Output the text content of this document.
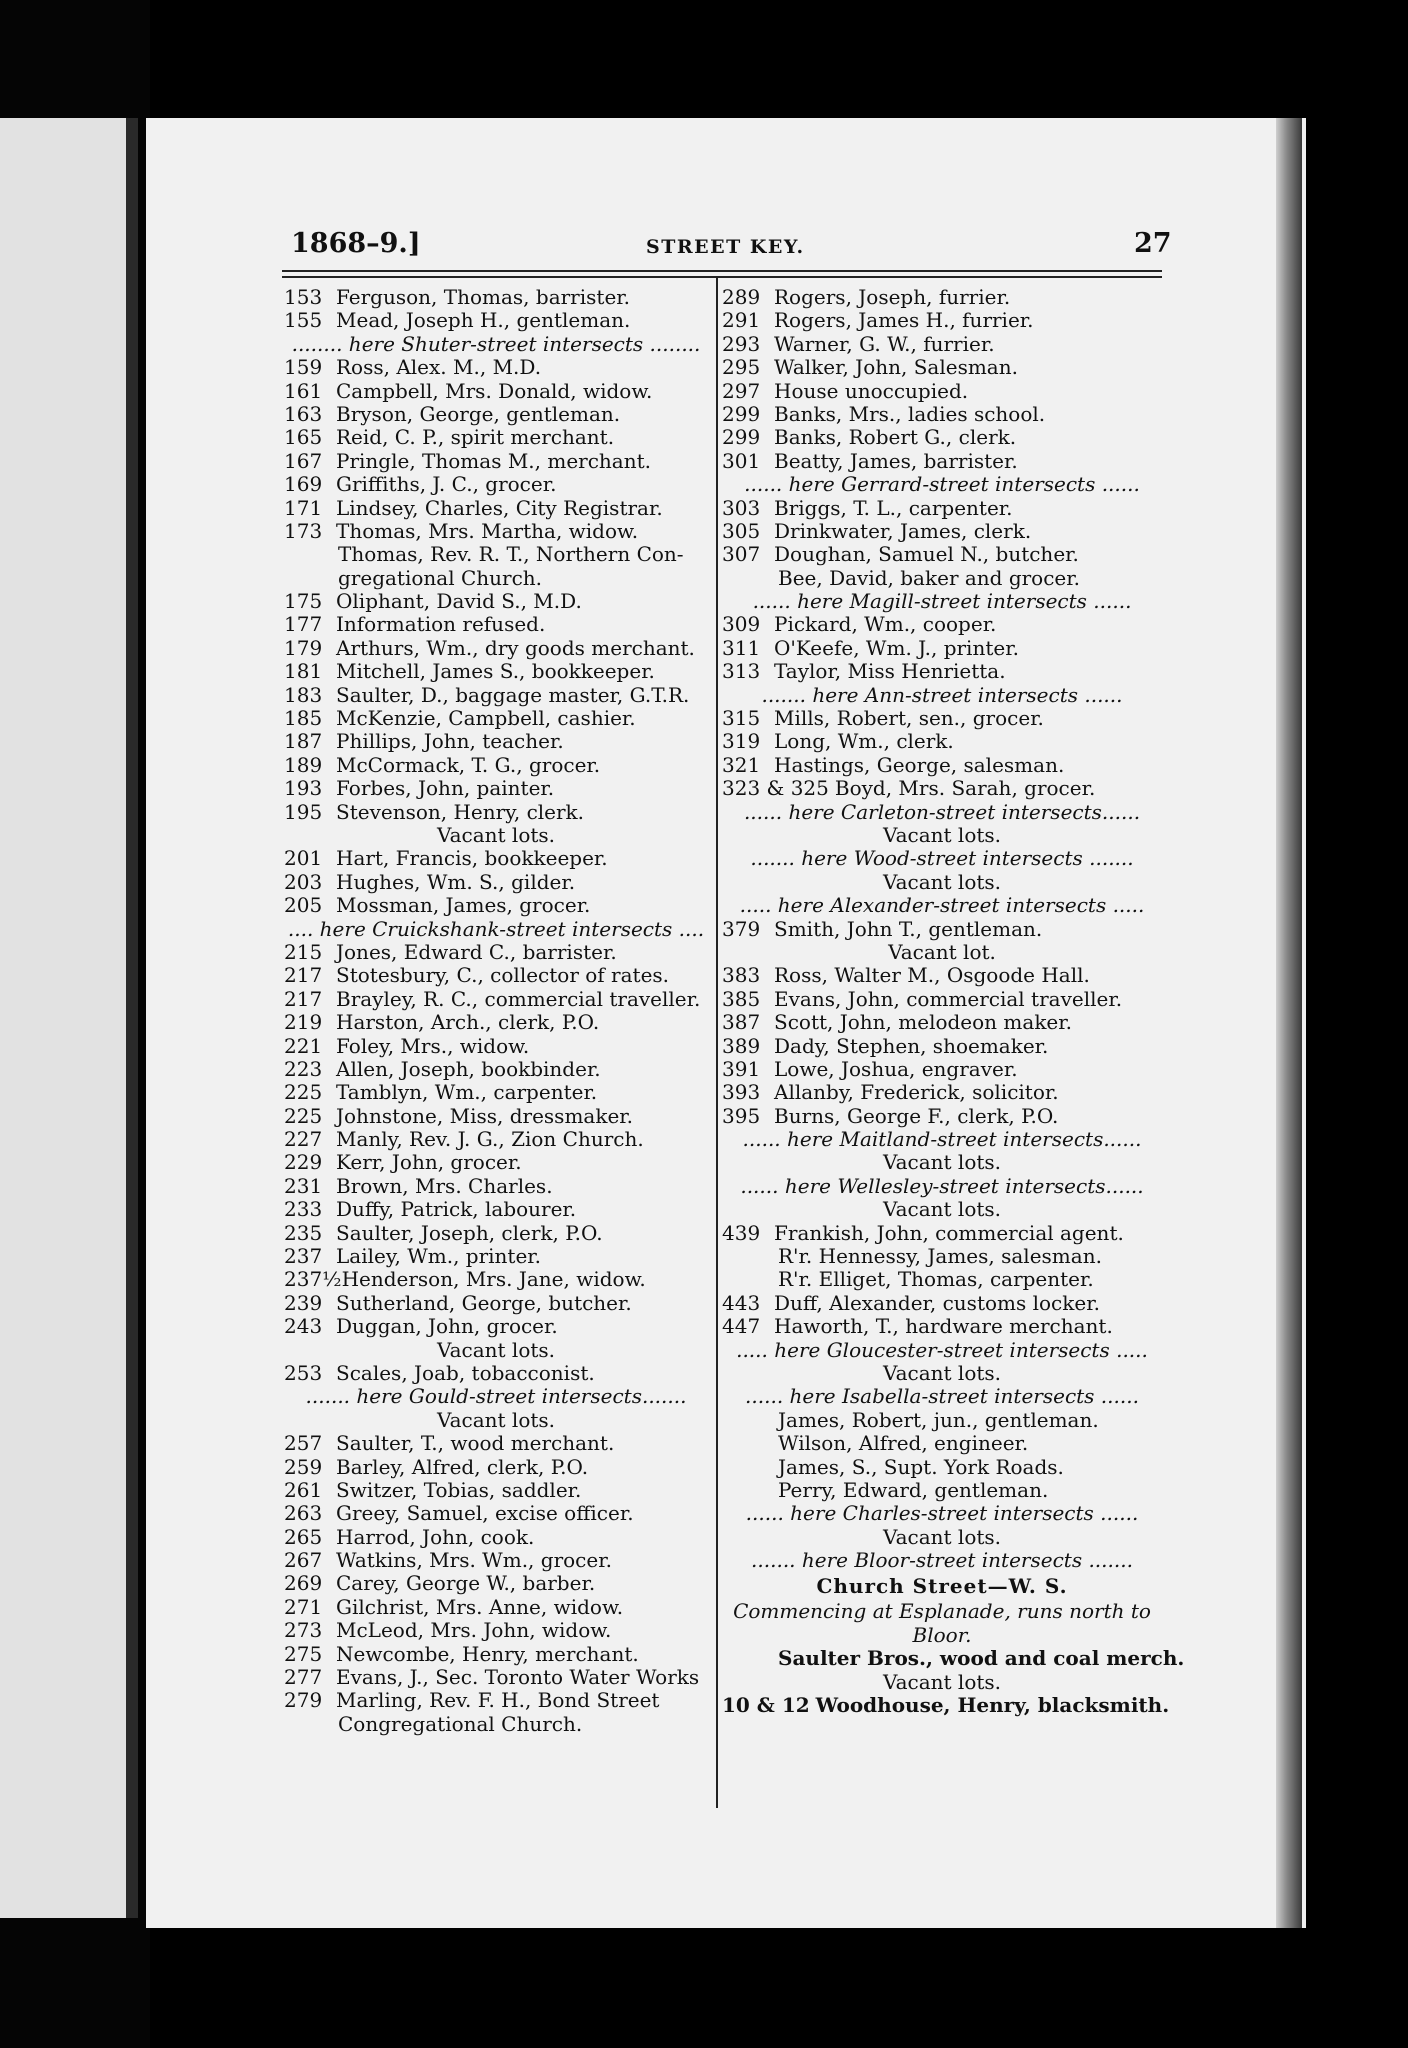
1868–9.]	STREET KEY.	27
153 Ferguson, Thomas, barrister.
155 Mead, Joseph H., gentleman.
........ here Shuter-street intersects ........
159 Ross, Alex. M., M.D.
161 Campbell, Mrs. Donald, widow.
163 Bryson, George, gentleman.
165 Reid, C. P., spirit merchant.
167 Pringle, Thomas M., merchant.
169 Griffiths, J. C., grocer.
171 Lindsey, Charles, City Registrar.
173 Thomas, Mrs. Martha, widow.
Thomas, Rev. R. T., Northern Con-
gregational Church.
175 Oliphant, David S., M.D.
177 Information refused.
179 Arthurs, Wm., dry goods merchant.
181 Mitchell, James S., bookkeeper.
183 Saulter, D., baggage master, G.T.R.
185 McKenzie, Campbell, cashier.
187 Phillips, John, teacher.
189 McCormack, T. G., grocer.
193 Forbes, John, painter.
195 Stevenson, Henry, clerk.
Vacant lots.
201 Hart, Francis, bookkeeper.
203 Hughes, Wm. S., gilder.
205 Mossman, James, grocer.
.... here Cruickshank-street intersects ....
215 Jones, Edward C., barrister.
217 Stotesbury, C., collector of rates.
217 Brayley, R. C., commercial traveller.
219 Harston, Arch., clerk, P.O.
221 Foley, Mrs., widow.
223 Allen, Joseph, bookbinder.
225 Tamblyn, Wm., carpenter.
225 Johnstone, Miss, dressmaker.
227 Manly, Rev. J. G., Zion Church.
229 Kerr, John, grocer.
231 Brown, Mrs. Charles.
233 Duffy, Patrick, labourer.
235 Saulter, Joseph, clerk, P.O.
237 Lailey, Wm., printer.
237½Henderson, Mrs. Jane, widow.
239 Sutherland, George, butcher.
243 Duggan, John, grocer.
Vacant lots.
253 Scales, Joab, tobacconist.
....... here Gould-street intersects.......
Vacant lots.
257 Saulter, T., wood merchant.
259 Barley, Alfred, clerk, P.O.
261 Switzer, Tobias, saddler.
263 Greey, Samuel, excise officer.
265 Harrod, John, cook.
267 Watkins, Mrs. Wm., grocer.
269 Carey, George W., barber.
271 Gilchrist, Mrs. Anne, widow.
273 McLeod, Mrs. John, widow.
275 Newcombe, Henry, merchant.
277 Evans, J., Sec. Toronto Water Works
279 Marling, Rev. F. H., Bond Street
Congregational Church.
289 Rogers, Joseph, furrier.
291 Rogers, James H., furrier.
293 Warner, G. W., furrier.
295 Walker, John, Salesman.
297 House unoccupied.
299 Banks, Mrs., ladies school.
299 Banks, Robert G., clerk.
301 Beatty, James, barrister.
...... here Gerrard-street intersects ......
303 Briggs, T. L., carpenter.
305 Drinkwater, James, clerk.
307 Doughan, Samuel N., butcher.
Bee, David, baker and grocer.
...... here Magill-street intersects ......
309 Pickard, Wm., cooper.
311 O'Keefe, Wm. J., printer.
313 Taylor, Miss Henrietta.
....... here Ann-street intersects ......
315 Mills, Robert, sen., grocer.
319 Long, Wm., clerk.
321 Hastings, George, salesman.
323 & 325 Boyd, Mrs. Sarah, grocer.
...... here Carleton-street intersects......
Vacant lots.
....... here Wood-street intersects .......
Vacant lots.
..... here Alexander-street intersects .....
379 Smith, John T., gentleman.
Vacant lot.
383 Ross, Walter M., Osgoode Hall.
385 Evans, John, commercial traveller.
387 Scott, John, melodeon maker.
389 Dady, Stephen, shoemaker.
391 Lowe, Joshua, engraver.
393 Allanby, Frederick, solicitor.
395 Burns, George F., clerk, P.O.
...... here Maitland-street intersects......
Vacant lots.
...... here Wellesley-street intersects......
Vacant lots.
439 Frankish, John, commercial agent.
R'r. Hennessy, James, salesman.
R'r. Elliget, Thomas, carpenter.
443 Duff, Alexander, customs locker.
447 Haworth, T., hardware merchant.
..... here Gloucester-street intersects .....
Vacant lots.
...... here Isabella-street intersects ......
James, Robert, jun., gentleman.
Wilson, Alfred, engineer.
James, S., Supt. York Roads.
Perry, Edward, gentleman.
...... here Charles-street intersects ......
Vacant lots.
....... here Bloor-street intersects .......
Church Street—W. S.
Commencing at Esplanade, runs north to Bloor.
Saulter Bros., wood and coal merch.
Vacant lots.
10 & 12 Woodhouse, Henry, blacksmith.
